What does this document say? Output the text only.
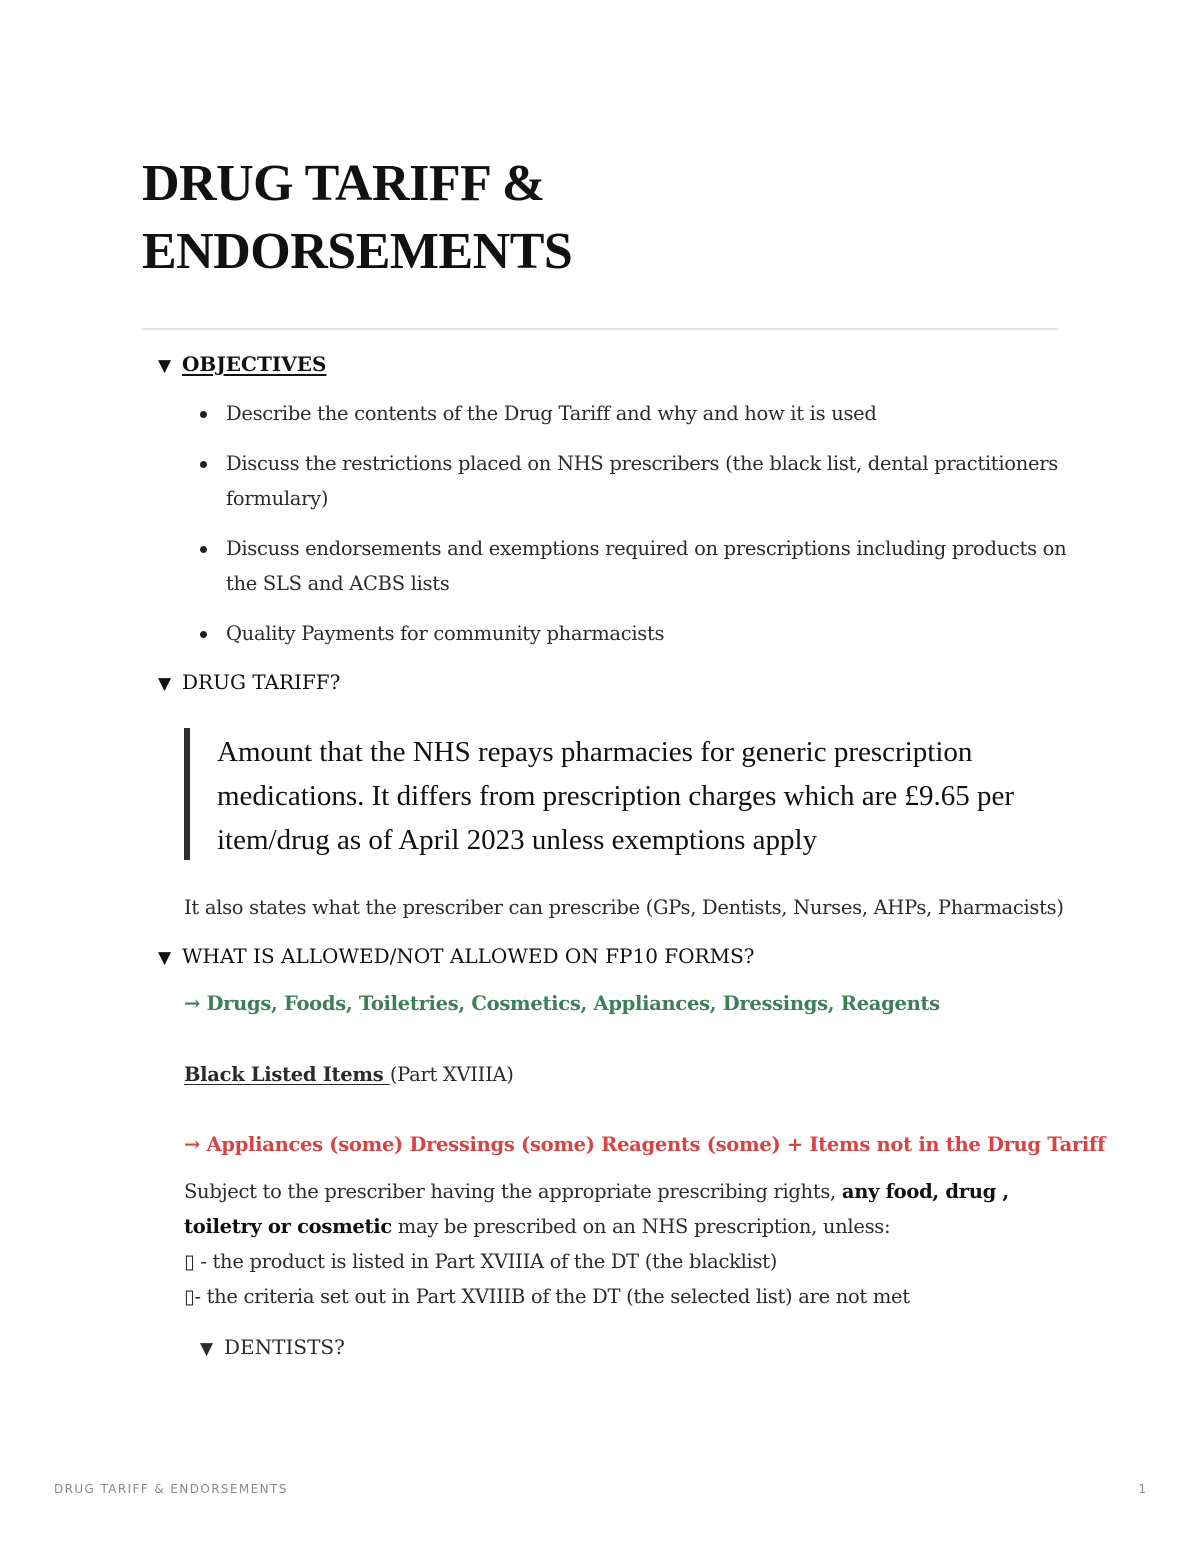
DRUG TARIFF &
ENDORSEMENTS
▼ OBJECTIVES
Describe the contents of the Drug Tariff and why and how it is used
Discuss the restrictions placed on NHS prescribers (the black list, dental practitioners formulary)
Discuss endorsements and exemptions required on prescriptions including products on the SLS and ACBS lists
Quality Payments for community pharmacists
▼ DRUG TARIFF?

Amount that the NHS repays pharmacies for generic prescription medications. It differs from prescription charges which are £9.65 per item/drug as of April 2023 unless exemptions apply

It also states what the prescriber can prescribe (GPs, Dentists, Nurses, AHPs, Pharmacists)

▼ WHAT IS ALLOWED/NOT ALLOWED ON FP10 FORMS?

→ Drugs, Foods, Toiletries, Cosmetics, Appliances, Dressings, Reagents

Black Listed Items (Part XVIIIA)

→ Appliances (some) Dressings (some) Reagents (some) + Items not in the Drug Tariff

Subject to the prescriber having the appropriate prescribing rights, any food, drug , toiletry or cosmetic may be prescribed on an NHS prescription, unless:
▯ - the product is listed in Part XVIIIA of the DT (the blacklist)
▯- the criteria set out in Part XVIIIB of the DT (the selected list) are not met

▼ DENTISTS?
DRUG TARIFF & ENDORSEMENTS	1
